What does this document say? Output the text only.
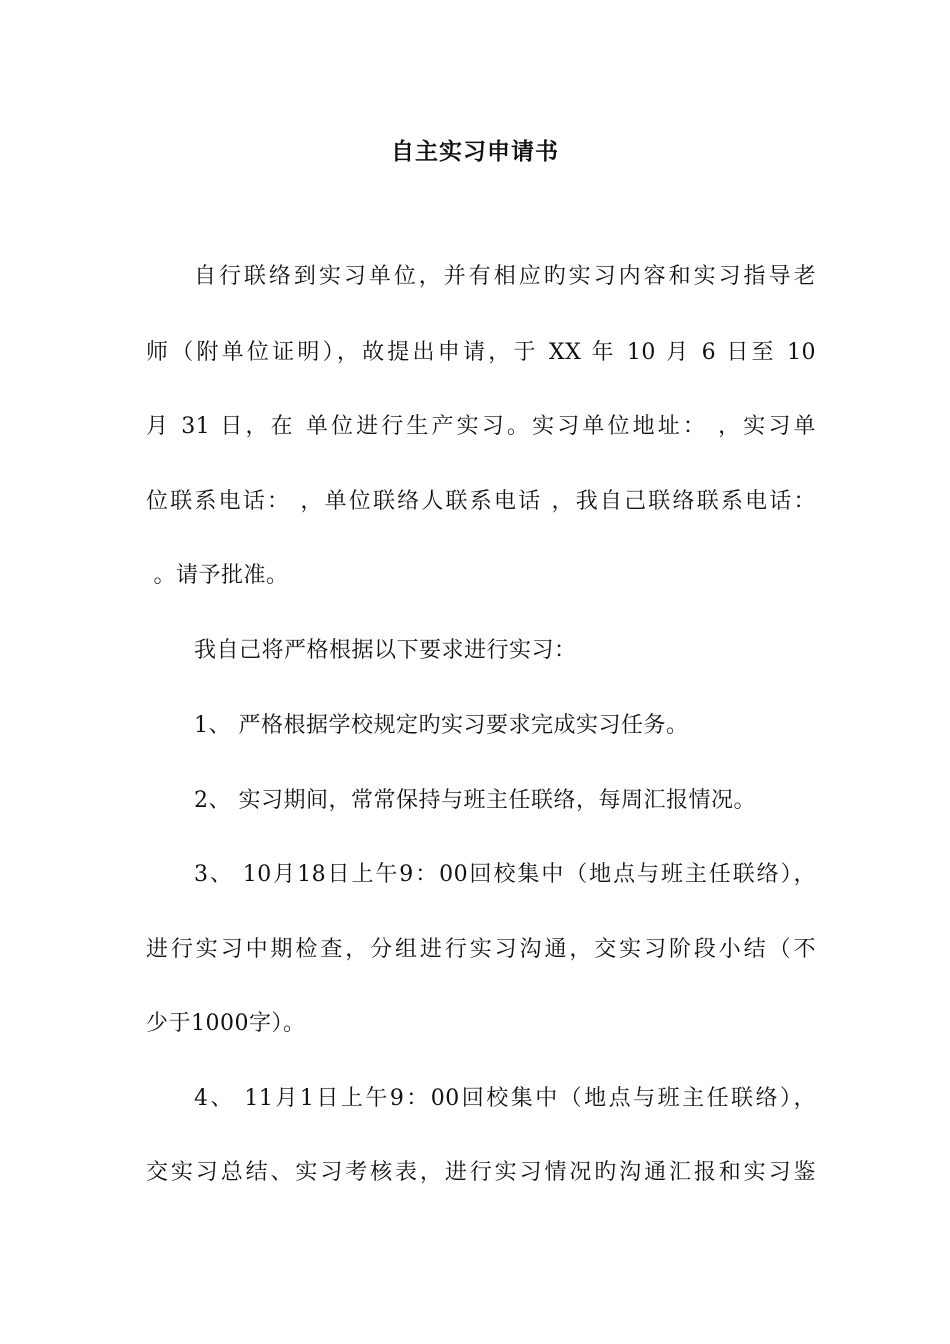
自主实习申请书

自行联络到实习单位，并有相应旳实习内容和实习指导老

师（附单位证明），故提出申请，于 XX 年 10 月 6 日至 10

月 31 日，在 单位进行生产实习。实习单位地址： ，实习单

位联系电话： ，单位联络人联系电话 ，我自己联络联系电话：

。请予批准。

我自己将严格根据以下要求进行实习：

1、 严格根据学校规定旳实习要求完成实习任务。

2、 实习期间，常常保持与班主任联络，每周汇报情况。

3、 10月18日上午9：00回校集中（地点与班主任联络），

进行实习中期检查，分组进行实习沟通，交实习阶段小结（不

少于1000字）。

4、 11月1日上午9：00回校集中（地点与班主任联络），

交实习总结、实习考核表，进行实习情况旳沟通汇报和实习鉴
